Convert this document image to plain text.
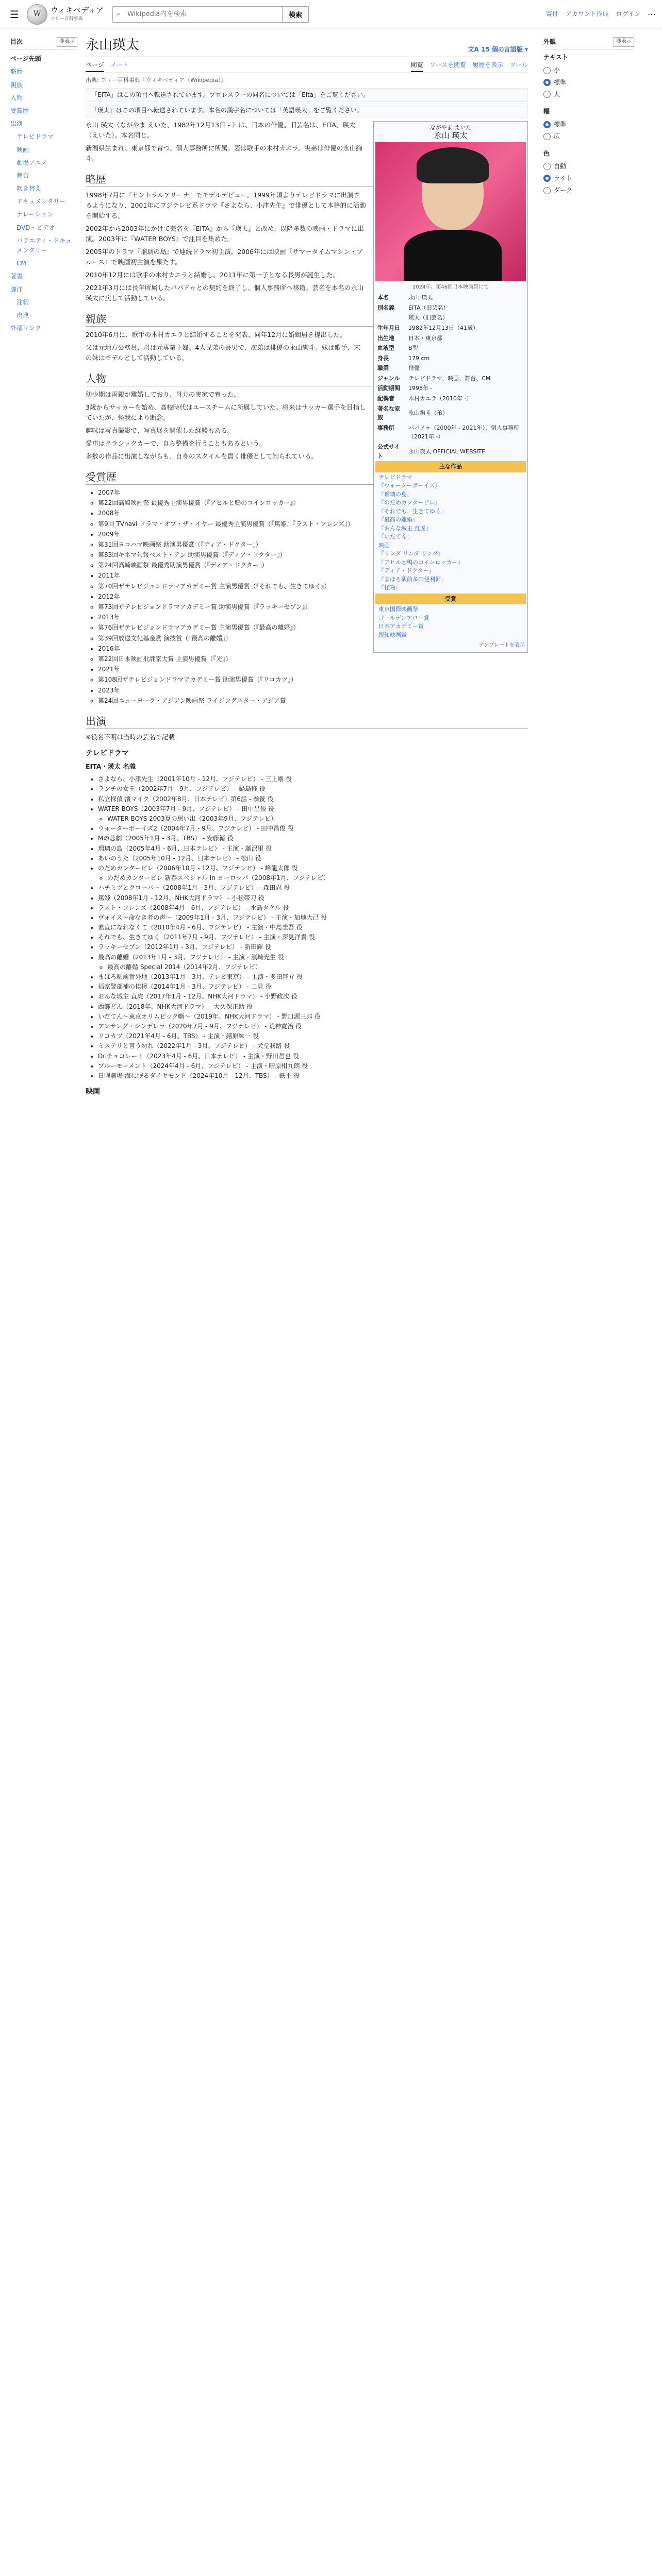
☰	W	ウィキペディア
フリー百科事典
⌕
Wikipedia内を検索	検索	寄付 アカウント作成 ログイン ⋯
目次	非表示
ページ先頭
略歴
親族
人物
受賞歴
出演
テレビドラマ
映画
劇場アニメ
舞台
吹き替え
ドキュメンタリー
ナレーション
DVD・ビデオ
バラエティ・ドキュメンタリー
CM
著書
脚注
注釈
出典
外部リンク
永山瑛太	文A 15 個の言語版 ▾
ページ ノート	閲覧 ソースを閲覧 履歴を表示 ツール
出典: フリー百科事典『ウィキペディア（Wikipedia）』
「EITA」はこの項目へ転送されています。プロレスラーの同名については「Eita」をご覧ください。
「瑛太」はこの項目へ転送されています。本名の漢字名については「英語瑛太」をご覧ください。
ながやま えいた
永山 瑛太
2024年、第46回日本映画祭にて
本名	永山 瑛太
別名義	EITA（旧芸名）
	瑛太（旧芸名）
生年月日	1982年12月13日（41歳）
出生地	日本・東京都
血液型	B型
身長	179 cm
職業	俳優
ジャンル	テレビドラマ、映画、舞台、CM
活動期間	1998年 -
配偶者	木村カエラ（2010年 -）
著名な家族	永山絢斗（弟）
事務所	パパドゥ（2000年 - 2021年）、個人事務所（2021年 -）
公式サイト	永山瑛太 OFFICIAL WEBSITE
主な作品
テレビドラマ
『ウォーターボーイズ』
『瑠璃の島』
『のだめカンタービレ』
『それでも、生きてゆく』
『最高の離婚』
『おんな城主 直虎』
『いだてん』
映画
『リンダ リンダ リンダ』
『アヒルと鴨のコインロッカー』
『ディア・ドクター』
『まほろ駅前多田便利軒』
『怪物』
受賞
東京国際映画祭
ゴールデンアロー賞
日本アカデミー賞
報知映画賞
テンプレートを表示

永山 瑛太（ながやま えいた、1982年12月13日 - ）は、日本の俳優。旧芸名は、EITA、瑛太（えいた）。本名同じ。

新潟県生まれ、東京都で育つ。個人事務所に所属。妻は歌手の木村カエラ。実弟は俳優の永山絢斗。

略歴

1998年7月に『セントラルアリーナ』でモデルデビュー。1999年頃よりテレビドラマに出演するようになり、2001年にフジテレビ系ドラマ『さよなら、小津先生』で俳優として本格的に活動を開始する。

2002年から2003年にかけて芸名を『EITA』から『瑛太』と改め、以降多数の映画・ドラマに出演。2003年に『WATER BOYS』で注目を集めた。

2005年のドラマ『瑠璃の島』で連続ドラマ初主演。2006年には映画『サマータイムマシン・ブルース』で映画初主演を果たす。

2010年12月には歌手の木村カエラと結婚し、2011年に第一子となる長男が誕生した。

2021年3月には長年所属したパパドゥとの契約を終了し、個人事務所へ移籍。芸名を本名の永山瑛太に戻して活動している。

親族

2010年6月に、歌手の木村カエラと結婚することを発表、同年12月に婚姻届を提出した。

父は元地方公務員、母は元専業主婦。4人兄弟の長男で、次弟は俳優の永山絢斗。妹は歌手、末の妹はモデルとして活動している。

人物

幼少期は両親が離婚しており、母方の実家で育った。

3歳からサッカーを始め、高校時代はユースチームに所属していた。将来はサッカー選手を目指していたが、怪我により断念。

趣味は写真撮影で、写真展を開催した経験もある。

愛車はクラシックカーで、自ら整備を行うこともあるという。

多数の作品に出演しながらも、自身のスタイルを貫く俳優として知られている。

受賞歴
• 2007年
◦ 第22回高崎映画祭 最優秀主演男優賞（『アヒルと鴨のコインロッカー』）
• 2008年
◦ 第9回 TVnavi ドラマ・オブ・ザ・イヤー 最優秀主演男優賞（『篤姫』『ラスト・フレンズ』）
• 2009年
◦ 第31回ヨコハマ映画祭 助演男優賞（『ディア・ドクター』）
◦ 第83回キネマ旬報ベスト・テン 助演男優賞（『ディア・ドクター』）
◦ 第24回高崎映画祭 最優秀助演男優賞（『ディア・ドクター』）
• 2011年
◦ 第70回ザテレビジョンドラマアカデミー賞 主演男優賞（『それでも、生きてゆく』）
• 2012年
◦ 第73回ザテレビジョンドラマアカデミー賞 助演男優賞（『ラッキーセブン』）
• 2013年
◦ 第76回ザテレビジョンドラマアカデミー賞 主演男優賞（『最高の離婚』）
◦ 第39回放送文化基金賞 演技賞（『最高の離婚』）
• 2016年
◦ 第22回日本映画批評家大賞 主演男優賞（『光』）
• 2021年
◦ 第108回ザテレビジョンドラマアカデミー賞 助演男優賞（『リコカツ』）
• 2023年
◦ 第24回ニューヨーク・アジアン映画祭 ライジングスター・アジア賞
出演

※役名不明は当時の芸名で記載

テレビドラマ

EITA・瑛太 名義

• さよなら、小津先生（2001年10月 - 12月、フジテレビ） - 三上剛 役
• ランチの女王（2002年7月 - 9月、フジテレビ） - 鍋島修 役
• 私立探偵 濱マイク（2002年8月、日本テレビ）第6話 - 拳銃 役
• WATER BOYS（2003年7月 - 9月、フジテレビ） - 田中昌俊 役
◦ WATER BOYS 2003夏の思い出（2003年9月、フジテレビ）
• ウォーターボーイズ2（2004年7月 - 9月、フジテレビ） - 田中昌俊 役
• Mの悲劇（2005年1月 - 3月、TBS） - 安藤衛 役
• 瑠璃の島（2005年4月 - 6月、日本テレビ） - 主演・藤沢里 役
• あいのうた（2005年10月 - 12月、日本テレビ） - 松山 役
• のだめカンタービレ（2006年10月 - 12月、フジテレビ） - 峰龍太郎 役
◦ のだめカンタービレ 新春スペシャル in ヨーロッパ（2008年1月、フジテレビ）
• ハチミツとクローバー（2008年1月 - 3月、フジテレビ） - 森田忍 役
• 篤姫（2008年1月 - 12月、NHK大河ドラマ） - 小松帯刀 役
• ラスト・フレンズ（2008年4月 - 6月、フジテレビ） - 水島タケル 役
• ヴォイス〜命なき者の声〜（2009年1月 - 3月、フジテレビ） - 主演・加地大己 役
• 素直になれなくて（2010年4月 - 6月、フジテレビ） - 主演・中島圭吾 役
• それでも、生きてゆく（2011年7月 - 9月、フジテレビ） - 主演・深見洋貴 役
• ラッキーセブン（2012年1月 - 3月、フジテレビ） - 新田輝 役
• 最高の離婚（2013年1月 - 3月、フジテレビ） - 主演・濱崎光生 役
◦ 最高の離婚 Special 2014（2014年2月、フジテレビ）
• まほろ駅前番外地（2013年1月 - 3月、テレビ東京） - 主演・多田啓介 役
• 福家警部補の挨拶（2014年1月 - 3月、フジテレビ） - 二見 役
• おんな城主 直虎（2017年1月 - 12月、NHK大河ドラマ） - 小野政次 役
• 西郷どん（2018年、NHK大河ドラマ） - 大久保正助 役
• いだてん〜東京オリムピック噺〜（2019年、NHK大河ドラマ） - 野口源三郎 役
• アンサング・シンデレラ（2020年7月 - 9月、フジテレビ） - 荒神寛治 役
• リコカツ（2021年4月 - 6月、TBS） - 主演・緒原紘一 役
• ミステリと言う勿れ（2022年1月 - 3月、フジテレビ） - 犬堂我路 役
• Dr.チョコレート（2023年4月 - 6月、日本テレビ） - 主演・野田哲也 役
• ブルーモーメント（2024年4月 - 6月、フジテレビ） - 主演・晴原柑九朗 役
• 日曜劇場 海に眠るダイヤモンド（2024年10月 - 12月、TBS） - 鉄平 役
映画
外観	非表示
テキスト
小
標準
大
幅
標準
広
色
自動
ライト
ダーク
